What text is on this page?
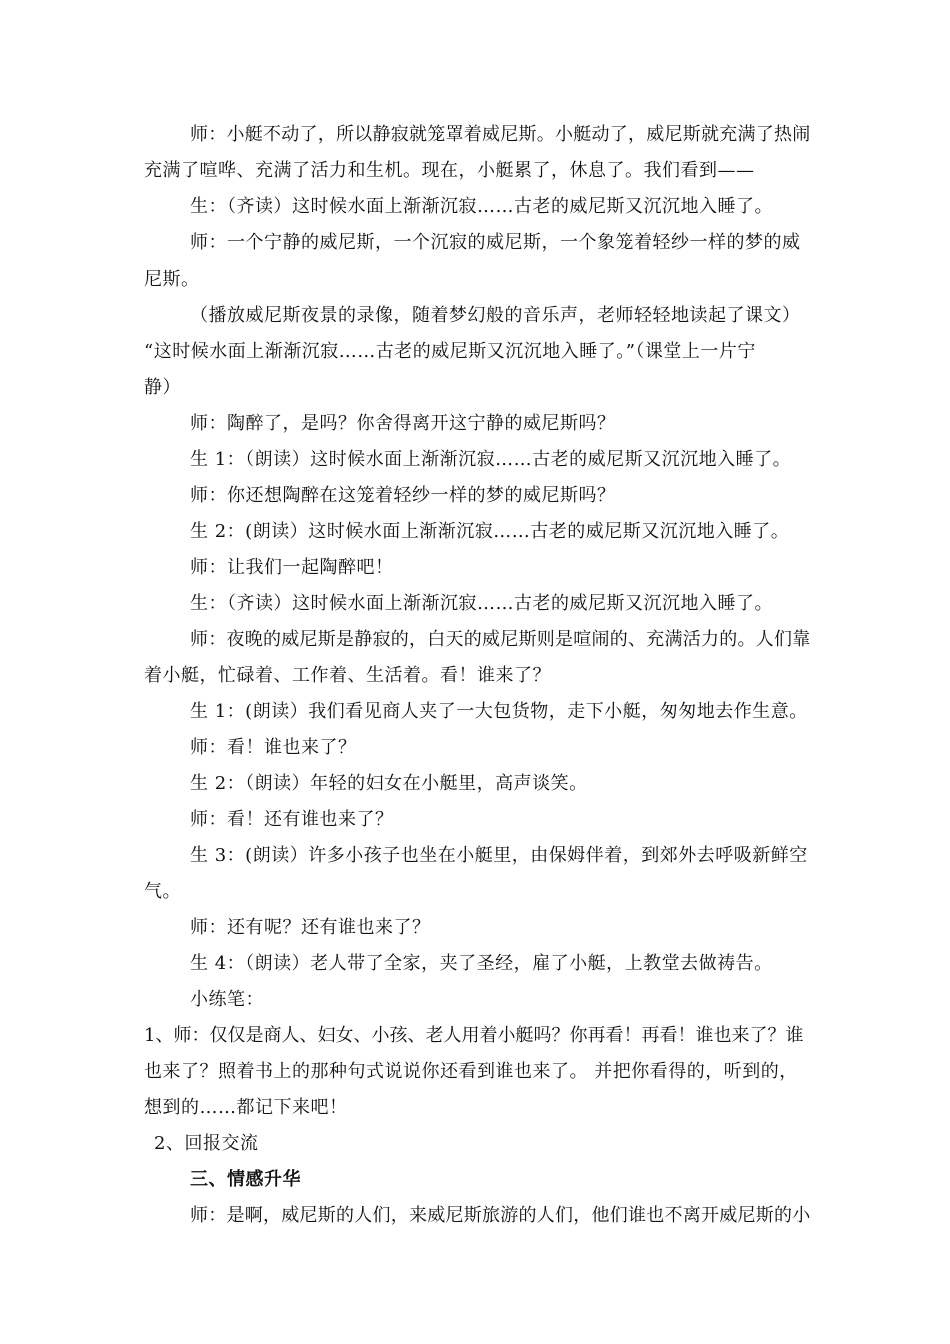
师：小艇不动了，所以静寂就笼罩着威尼斯。小艇动了，威尼斯就充满了热闹
充满了喧哗、充满了活力和生机。现在，小艇累了，休息了。我们看到——
生：（齐读）这时候水面上渐渐沉寂……古老的威尼斯又沉沉地入睡了。
师：一个宁静的威尼斯，一个沉寂的威尼斯，一个象笼着轻纱一样的梦的威
尼斯。
（播放威尼斯夜景的录像，随着梦幻般的音乐声，老师轻轻地读起了课文）
“这时候水面上渐渐沉寂……古老的威尼斯又沉沉地入睡了。”（课堂上一片宁
静）
师：陶醉了，是吗？你舍得离开这宁静的威尼斯吗？
生 1：（朗读）这时候水面上渐渐沉寂……古老的威尼斯又沉沉地入睡了。
师：你还想陶醉在这笼着轻纱一样的梦的威尼斯吗？
生 2：(朗读）这时候水面上渐渐沉寂……古老的威尼斯又沉沉地入睡了。
师：让我们一起陶醉吧！
生：（齐读）这时候水面上渐渐沉寂……古老的威尼斯又沉沉地入睡了。
师：夜晚的威尼斯是静寂的，白天的威尼斯则是喧闹的、充满活力的。人们靠
着小艇，忙碌着、工作着、生活着。看！谁来了？
生 1：(朗读）我们看见商人夹了一大包货物，走下小艇，匆匆地去作生意。
师：看！谁也来了？
生 2：（朗读）年轻的妇女在小艇里，高声谈笑。
师：看！还有谁也来了？
生 3：(朗读）许多小孩子也坐在小艇里，由保姆伴着，到郊外去呼吸新鲜空
气。
师：还有呢？还有谁也来了？
生 4：（朗读）老人带了全家，夹了圣经，雇了小艇，上教堂去做祷告。
小练笔：
1、师：仅仅是商人、妇女、小孩、老人用着小艇吗？你再看！再看！谁也来了？谁
也来了？照着书上的那种句式说说你还看到谁也来了。 并把你看得的，听到的，
想到的……都记下来吧！
2、回报交流
三、情感升华
师：是啊，威尼斯的人们，来威尼斯旅游的人们，他们谁也不离开威尼斯的小
